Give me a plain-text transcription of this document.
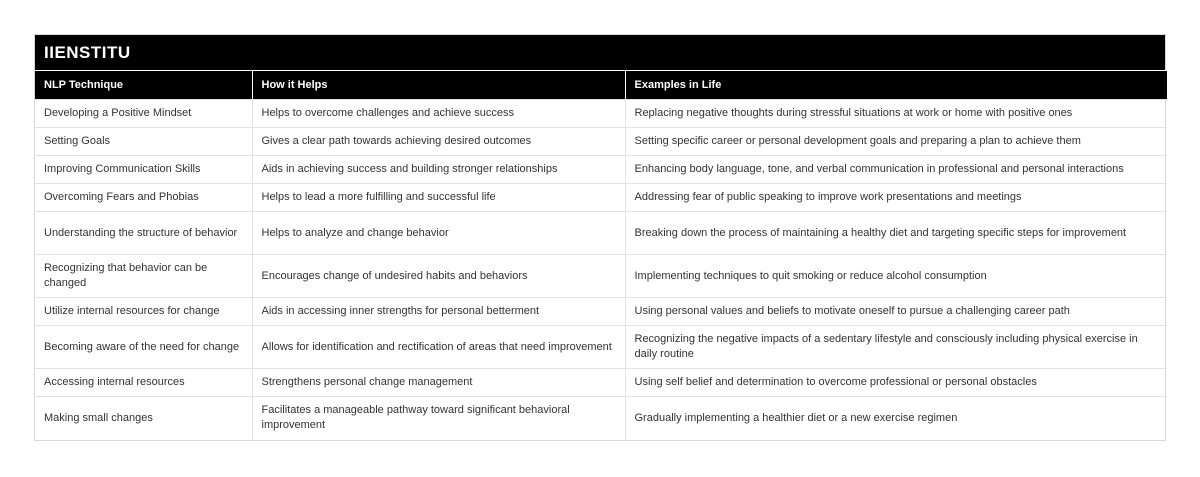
IIENSTITU
NLP Technique	How it Helps	Examples in Life
Developing a Positive Mindset	Helps to overcome challenges and achieve success	Replacing negative thoughts during stressful situations at work or home with positive ones
Setting Goals	Gives a clear path towards achieving desired outcomes	Setting specific career or personal development goals and preparing a plan to achieve them
Improving Communication Skills	Aids in achieving success and building stronger relationships	Enhancing body language, tone, and verbal communication in professional and personal interactions
Overcoming Fears and Phobias	Helps to lead a more fulfilling and successful life	Addressing fear of public speaking to improve work presentations and meetings
Understanding the structure of behavior	Helps to analyze and change behavior	Breaking down the process of maintaining a healthy diet and targeting specific steps for improvement
Recognizing that behavior can be changed	Encourages change of undesired habits and behaviors	Implementing techniques to quit smoking or reduce alcohol consumption
Utilize internal resources for change	Aids in accessing inner strengths for personal betterment	Using personal values and beliefs to motivate oneself to pursue a challenging career path
Becoming aware of the need for change	Allows for identification and rectification of areas that need improvement	Recognizing the negative impacts of a sedentary lifestyle and consciously including physical exercise in daily routine
Accessing internal resources	Strengthens personal change management	Using self belief and determination to overcome professional or personal obstacles
Making small changes	Facilitates a manageable pathway toward significant behavioral improvement	Gradually implementing a healthier diet or a new exercise regimen
